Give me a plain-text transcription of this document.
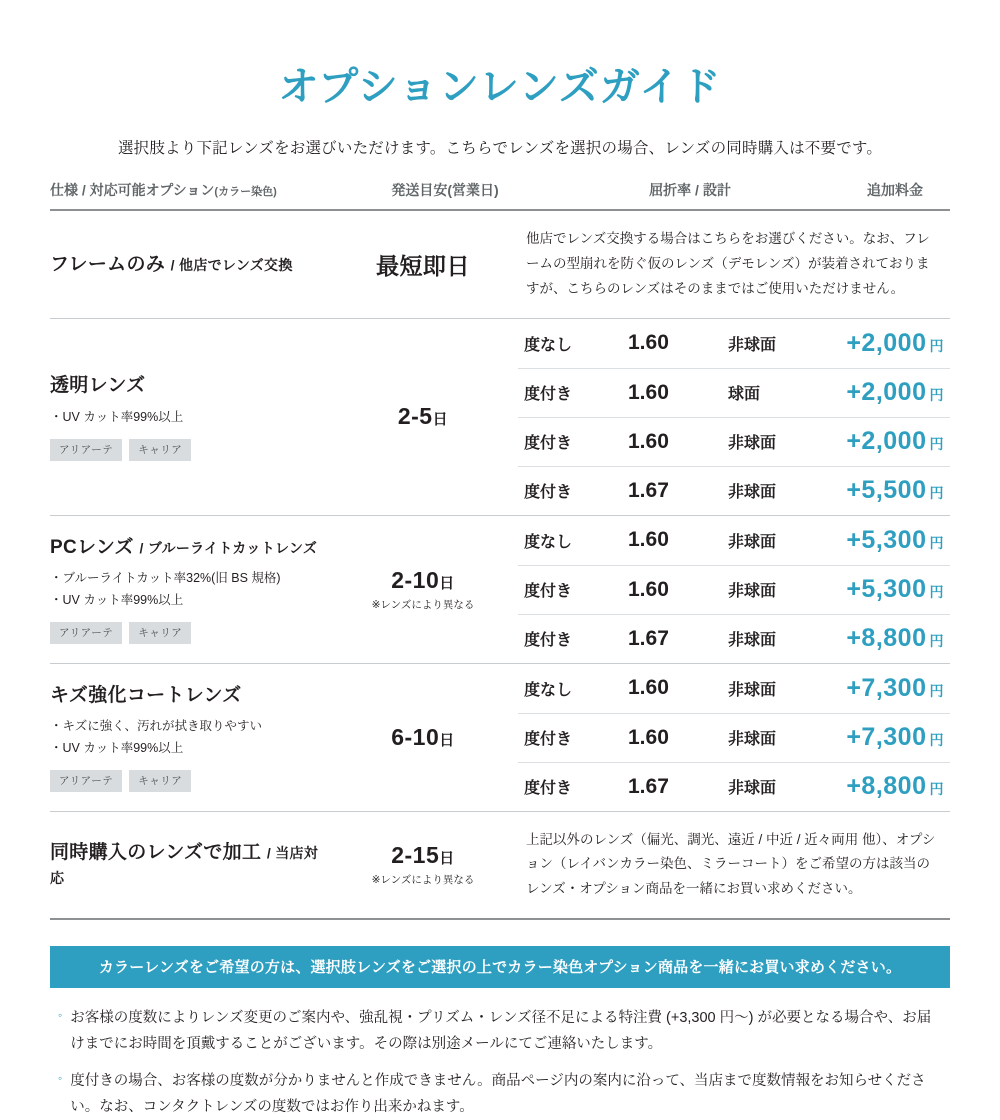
オプションレンズガイド
選択肢より下記レンズをお選びいただけます。こちらでレンズを選択の場合、レンズの同時購入は不要です。
仕様 / 対応可能オプション(カラー染色)	発送目安(営業日)	屈折率 / 設計	追加料金
フレームのみ / 他店でレンズ交換	最短即日
他店でレンズ交換する場合はこちらをお選びください。なお、フレームの型崩れを防ぐ仮のレンズ（デモレンズ）が装着されておりますが、こちらのレンズはそのままではご使用いただけません。
透明レンズ
・UV カット率99%以上
アリアーテ	キャリア
2-5日
度なし	1.60	非球面	+2,000 円
度付き	1.60	球面	+2,000 円
度付き	1.60	非球面	+2,000 円
度付き	1.67	非球面	+5,500 円
PCレンズ / ブルーライトカットレンズ
・ブルーライトカット率32%(旧 BS 規格)
・UV カット率99%以上
アリアーテ	キャリア
2-10日
※レンズにより異なる
度なし	1.60	非球面	+5,300 円
度付き	1.60	非球面	+5,300 円
度付き	1.67	非球面	+8,800 円
キズ強化コートレンズ
・キズに強く、汚れが拭き取りやすい
・UV カット率99%以上
アリアーテ	キャリア
6-10日
度なし	1.60	非球面	+7,300 円
度付き	1.60	非球面	+7,300 円
度付き	1.67	非球面	+8,800 円
同時購入のレンズで加工 / 当店対応
2-15日
※レンズにより異なる
上記以外のレンズ（偏光、調光、遠近 / 中近 / 近々両用 他）、オプション（レイバンカラー染色、ミラーコート）をご希望の方は該当のレンズ・オプション商品を一緒にお買い求めください。
カラーレンズをご希望の方は、選択肢レンズをご選択の上でカラー染色オプション商品を一緒にお買い求めください。
◦ お客様の度数によりレンズ変更のご案内や、強乱視・プリズム・レンズ径不足による特注費 (+3,300 円〜) が必要となる場合や、お届けまでにお時間を頂戴することがございます。その際は別途メールにてご連絡いたします。
◦ 度付きの場合、お客様の度数が分かりませんと作成できません。商品ページ内の案内に沿って、当店まで度数情報をお知らせください。なお、コンタクトレンズの度数ではお作り出来かねます。
